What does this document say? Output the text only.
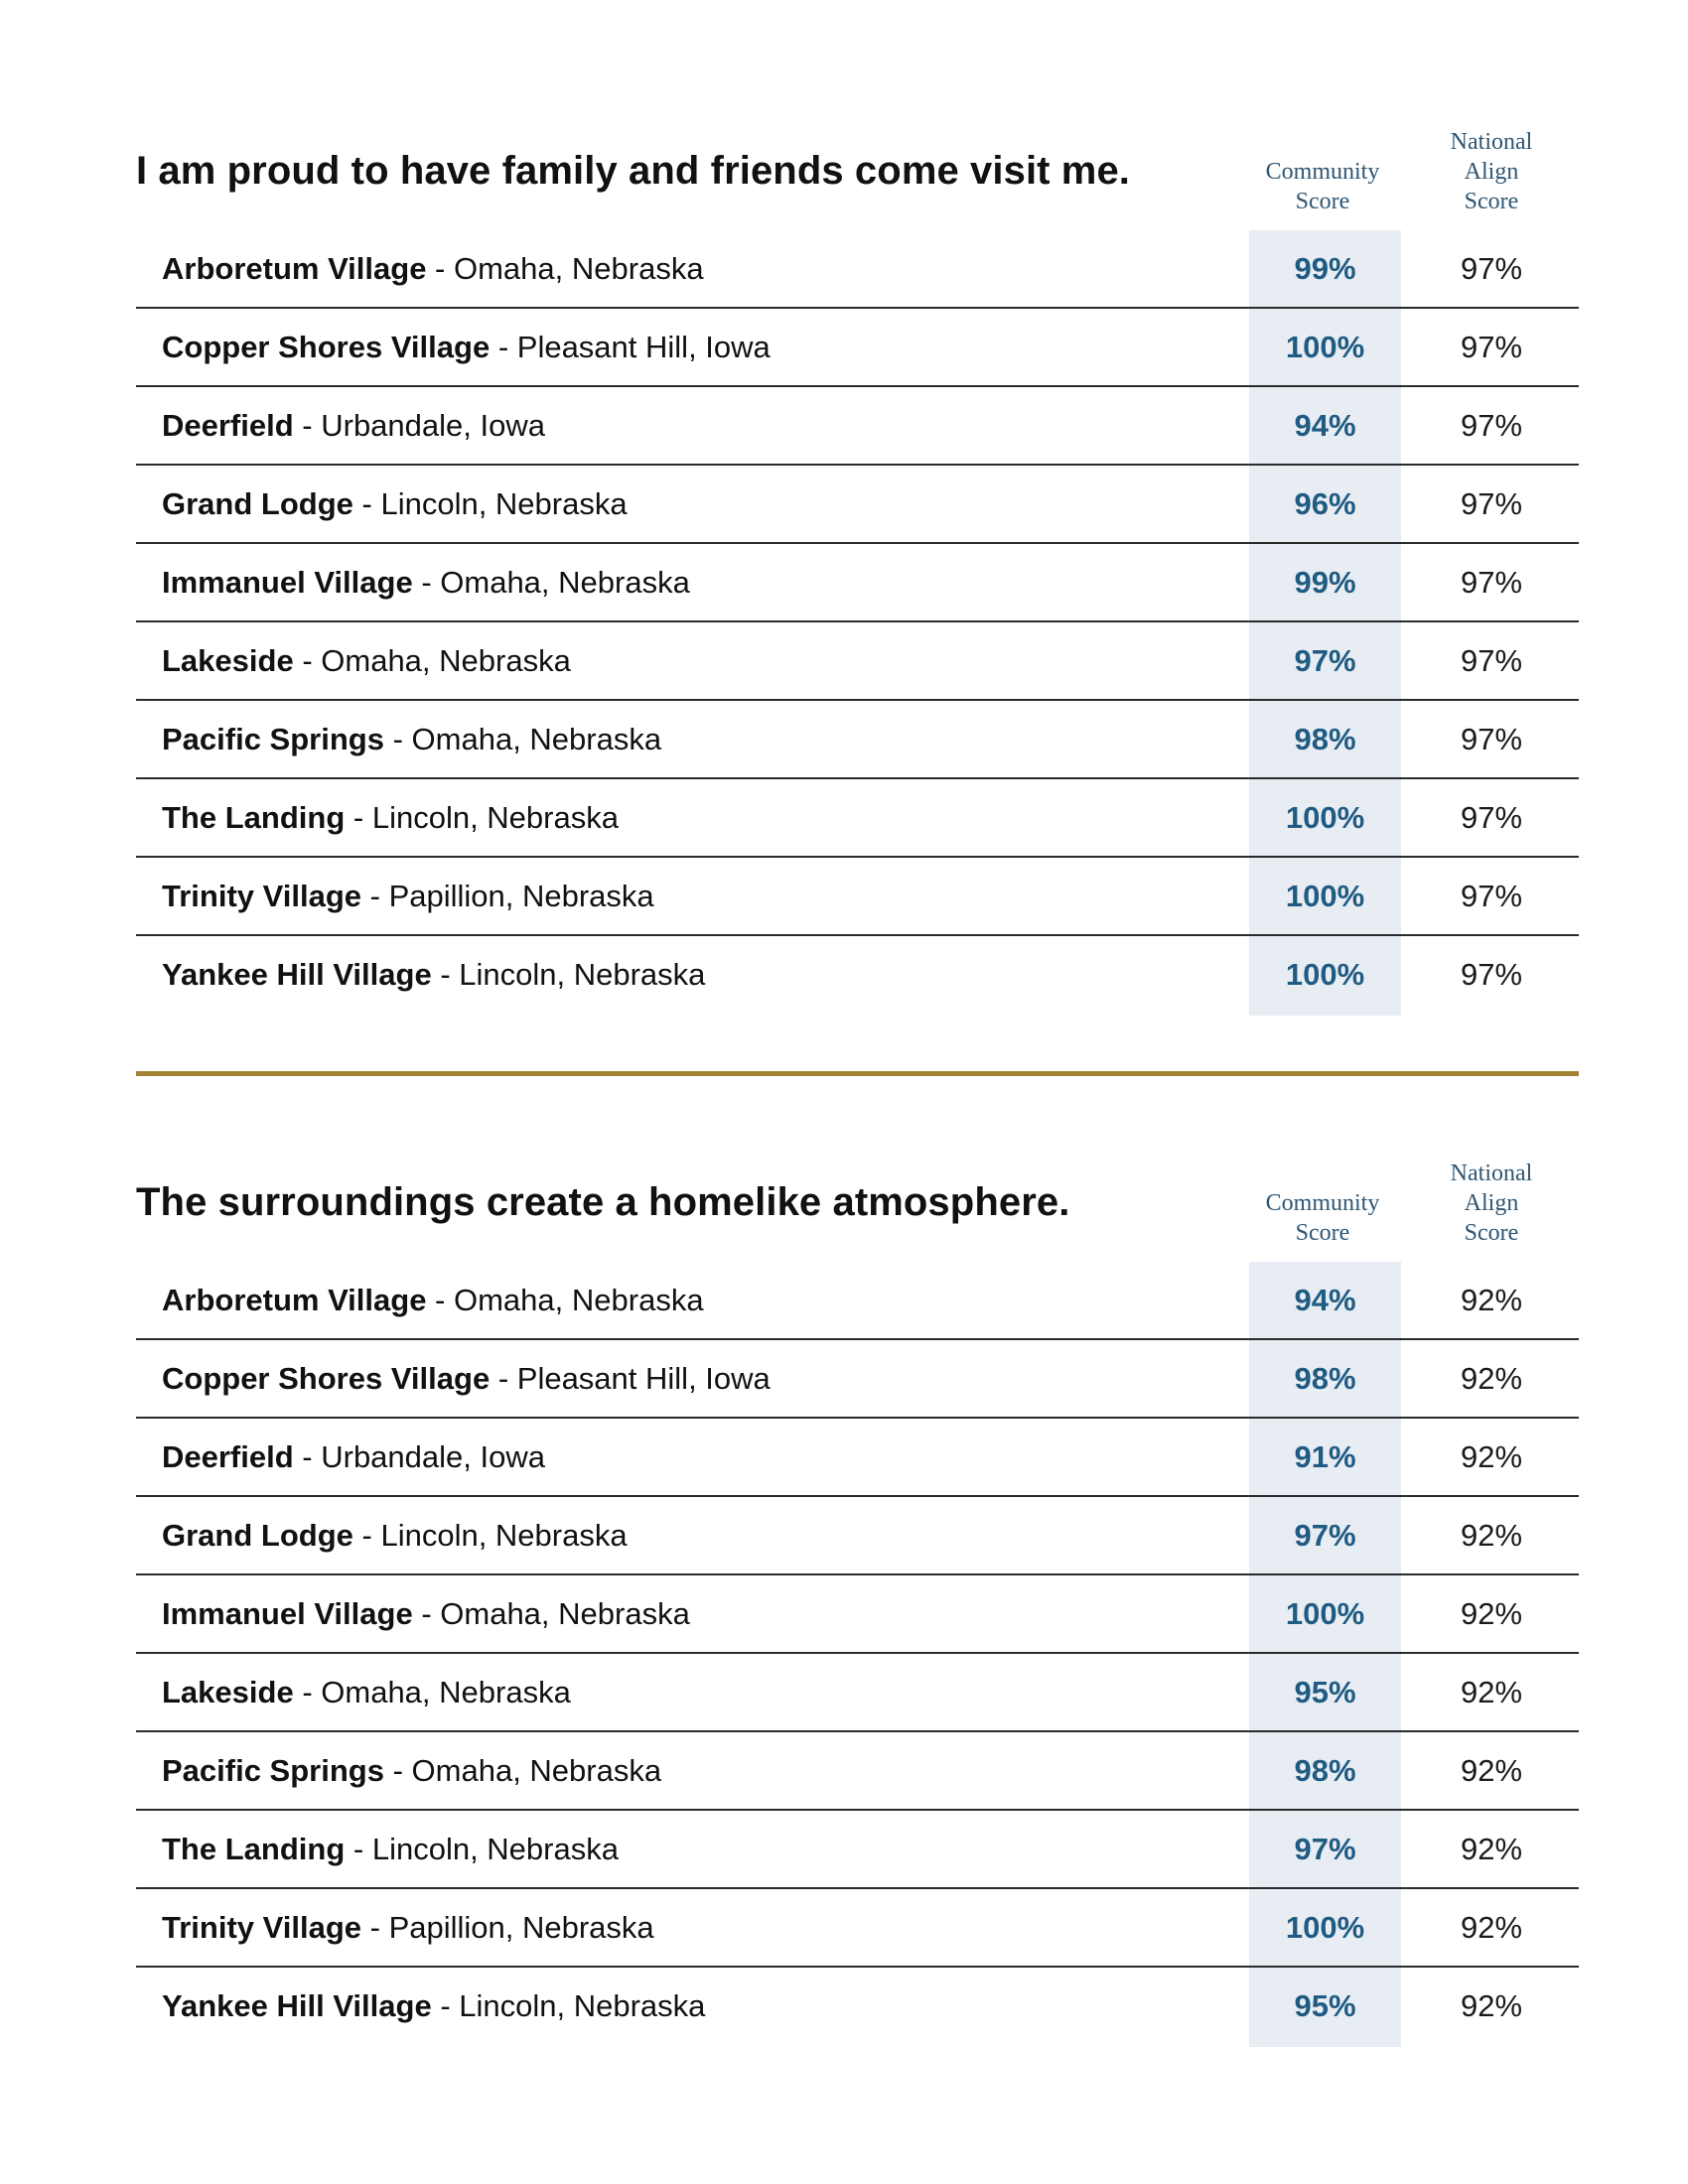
I am proud to have family and friends come visit me.	Community
Score
National
Align
Score
Arboretum Village - Omaha, Nebraska	99%	97%
Copper Shores Village - Pleasant Hill, Iowa	100%	97%
Deerfield - Urbandale, Iowa	94%	97%
Grand Lodge - Lincoln, Nebraska	96%	97%
Immanuel Village - Omaha, Nebraska	99%	97%
Lakeside - Omaha, Nebraska	97%	97%
Pacific Springs - Omaha, Nebraska	98%	97%
The Landing - Lincoln, Nebraska	100%	97%
Trinity Village - Papillion, Nebraska	100%	97%
Yankee Hill Village - Lincoln, Nebraska	100%	97%
The surroundings create a homelike atmosphere.	Community
Score
National
Align
Score
Arboretum Village - Omaha, Nebraska	94%	92%
Copper Shores Village - Pleasant Hill, Iowa	98%	92%
Deerfield - Urbandale, Iowa	91%	92%
Grand Lodge - Lincoln, Nebraska	97%	92%
Immanuel Village - Omaha, Nebraska	100%	92%
Lakeside - Omaha, Nebraska	95%	92%
Pacific Springs - Omaha, Nebraska	98%	92%
The Landing - Lincoln, Nebraska	97%	92%
Trinity Village - Papillion, Nebraska	100%	92%
Yankee Hill Village - Lincoln, Nebraska	95%	92%
